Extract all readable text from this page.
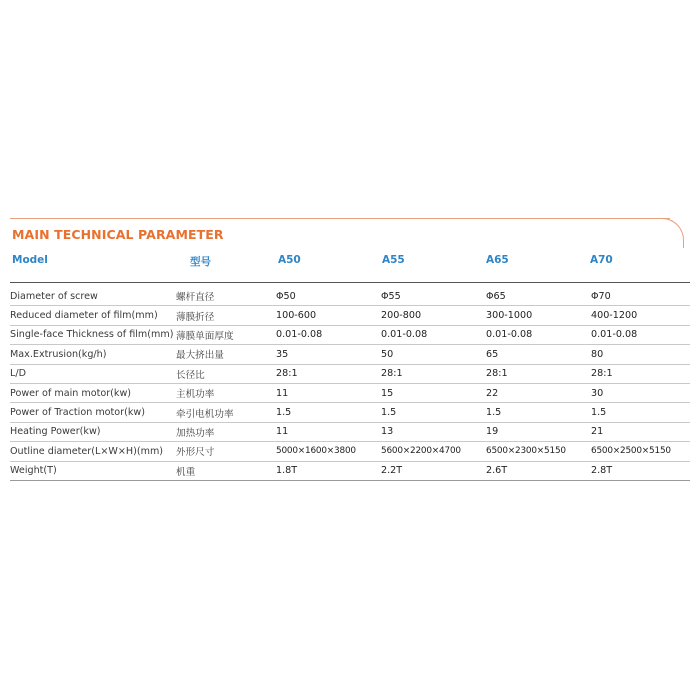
MAIN TECHNICAL PARAMETER
Model	型号	A50	A55	A65	A70
Diameter of screw	螺杆直径	Φ50	Φ55	Φ65	Φ70
Reduced diameter of film(mm)	薄膜折径	100-600	200-800	300-1000	400-1200
Single-face Thickness of film(mm)	薄膜单面厚度	0.01-0.08	0.01-0.08	0.01-0.08	0.01-0.08
Max.Extrusion(kg/h)	最大挤出量	35	50	65	80
L/D	长径比	28:1	28:1	28:1	28:1
Power of main motor(kw)	主机功率	11	15	22	30
Power of Traction motor(kw)	牵引电机功率	1.5	1.5	1.5	1.5
Heating Power(kw)	加热功率	11	13	19	21
Outline diameter(L×W×H)(mm)	外形尺寸	5000×1600×3800	5600×2200×4700	6500×2300×5150	6500×2500×5150
Weight(T)	机重	1.8T	2.2T	2.6T	2.8T
